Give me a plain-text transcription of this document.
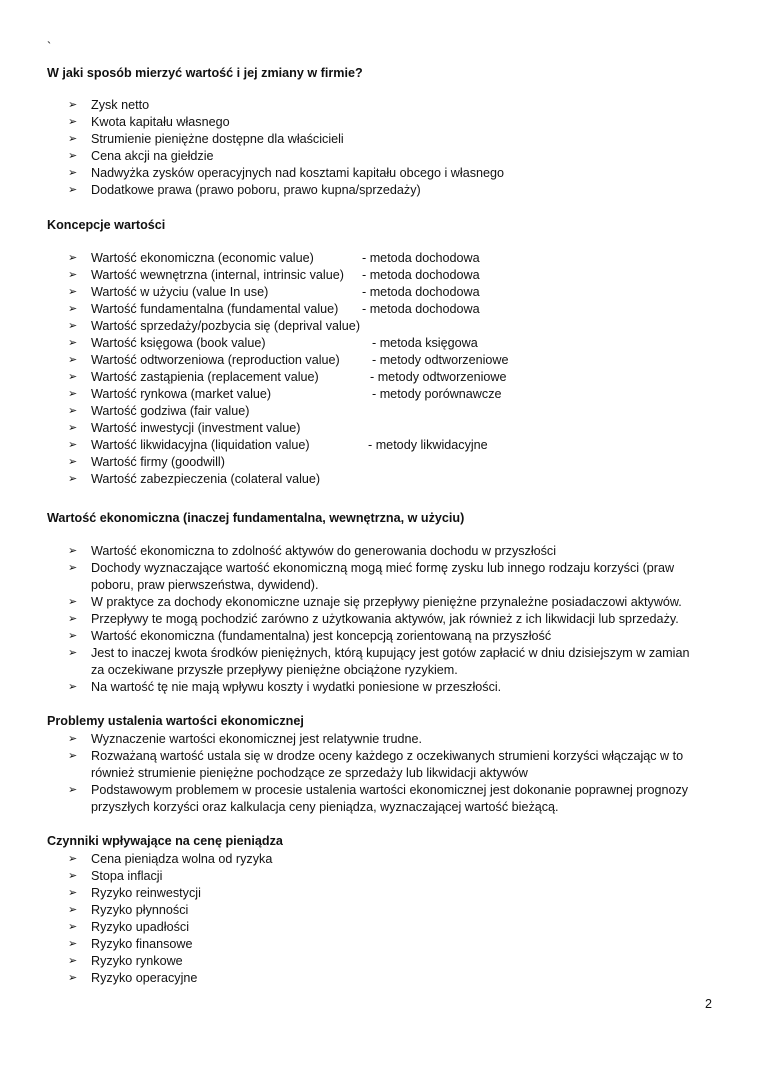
`
W jaki sposób mierzyć wartość i jej zmiany w firmie?
➢ Zysk netto
➢ Kwota kapitału własnego
➢ Strumienie pieniężne dostępne dla właścicieli
➢ Cena akcji na giełdzie
➢ Nadwyżka zysków operacyjnych nad kosztami kapitału obcego i własnego
➢ Dodatkowe prawa (prawo poboru, prawo kupna/sprzedaży)
Koncepcje wartości
➢ Wartość ekonomiczna (economic value)	- metoda dochodowa
➢ Wartość wewnętrzna (internal, intrinsic value)	- metoda dochodowa
➢ Wartość w użyciu (value In use)	- metoda dochodowa
➢ Wartość fundamentalna (fundamental value)	- metoda dochodowa
➢ Wartość sprzedaży/pozbycia się (deprival value)
➢ Wartość księgowa (book value)	- metoda księgowa
➢ Wartość odtworzeniowa (reproduction value)	- metody odtworzeniowe
➢ Wartość zastąpienia (replacement value)	- metody odtworzeniowe
➢ Wartość rynkowa (market value)	- metody porównawcze
➢ Wartość godziwa (fair value)
➢ Wartość inwestycji (investment value)
➢ Wartość likwidacyjna (liquidation value)	- metody likwidacyjne
➢ Wartość firmy (goodwill)
➢ Wartość zabezpieczenia (colateral value)
Wartość ekonomiczna (inaczej fundamentalna, wewnętrzna, w użyciu)
➢ Wartość ekonomiczna to zdolność aktywów do generowania dochodu w przyszłości
➢ Dochody wyznaczające wartość ekonomiczną mogą mieć formę zysku lub innego rodzaju korzyści (praw
poboru, praw pierwszeństwa, dywidend).
➢ W praktyce za dochody ekonomiczne uznaje się przepływy pieniężne przynależne posiadaczowi aktywów.
➢ Przepływy te mogą pochodzić zarówno z użytkowania aktywów, jak również z ich likwidacji lub sprzedaży.
➢ Wartość ekonomiczna (fundamentalna) jest koncepcją zorientowaną na przyszłość
➢ Jest to inaczej kwota środków pieniężnych, którą kupujący jest gotów zapłacić w dniu dzisiejszym w zamian
za oczekiwane przyszłe przepływy pieniężne obciążone ryzykiem.
➢ Na wartość tę nie mają wpływu koszty i wydatki poniesione w przeszłości.
Problemy ustalenia wartości ekonomicznej
➢ Wyznaczenie wartości ekonomicznej jest relatywnie trudne.
➢ Rozważaną wartość ustala się w drodze oceny każdego z oczekiwanych strumieni korzyści włączając w to
również strumienie pieniężne pochodzące ze sprzedaży lub likwidacji aktywów
➢ Podstawowym problemem w procesie ustalenia wartości ekonomicznej jest dokonanie poprawnej prognozy
przyszłych korzyści oraz kalkulacja ceny pieniądza, wyznaczającej wartość bieżącą.
Czynniki wpływające na cenę pieniądza
➢ Cena pieniądza wolna od ryzyka
➢ Stopa inflacji
➢ Ryzyko reinwestycji
➢ Ryzyko płynności
➢ Ryzyko upadłości
➢ Ryzyko finansowe
➢ Ryzyko rynkowe
➢ Ryzyko operacyjne
2
